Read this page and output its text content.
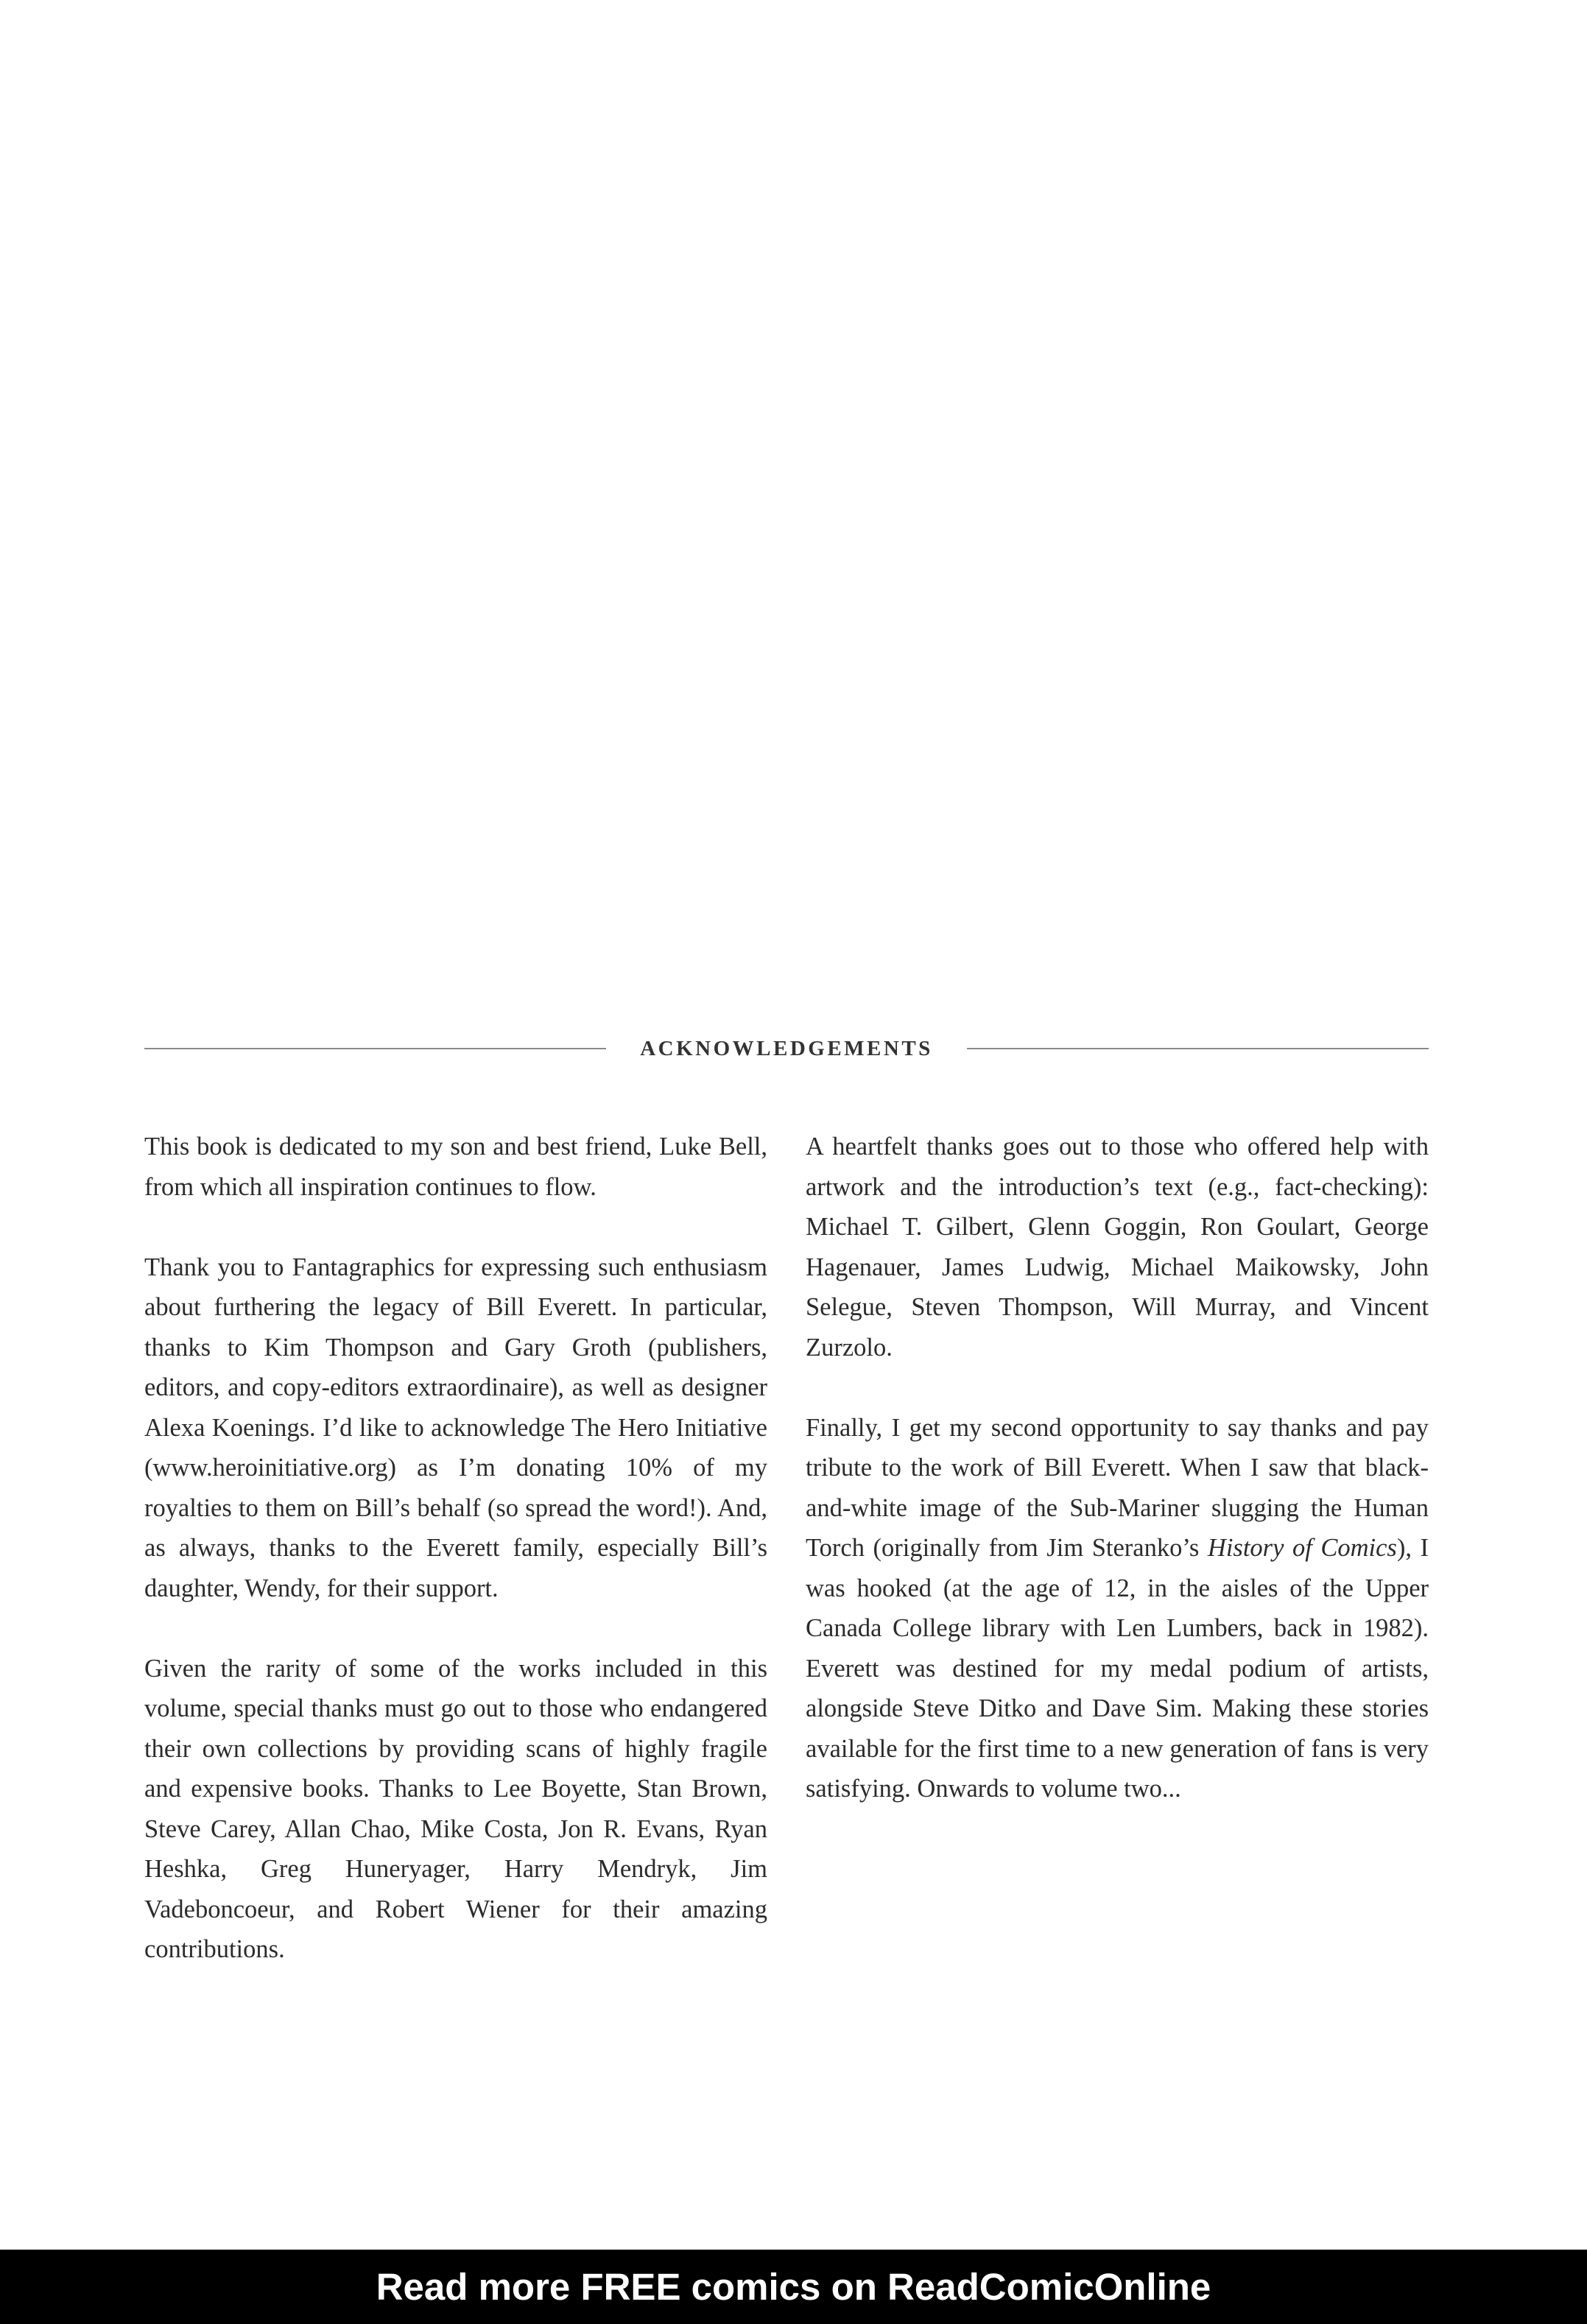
ACKNOWLEDGEMENTS

This book is dedicated to my son and best friend, Luke Bell, from which all inspiration continues to flow.

Thank you to Fantagraphics for expressing such enthusiasm about furthering the legacy of Bill Everett. In particular, thanks to Kim Thompson and Gary Groth (publishers, editors, and copy-editors extraordinaire), as well as designer Alexa Koenings. I’d like to acknowledge The Hero Initiative (www.heroinitiative.org) as I’m donating 10% of my royalties to them on Bill’s behalf (so spread the word!). And, as always, thanks to the Everett family, especially Bill’s daughter, Wendy, for their support.

Given the rarity of some of the works included in this volume, special thanks must go out to those who endangered their own collections by providing scans of highly fragile and expensive books. Thanks to Lee Boyette, Stan Brown, Steve Carey, Allan Chao, Mike Costa, Jon R. Evans, Ryan Heshka, Greg Huneryager, Harry Mendryk, Jim Vadeboncoeur, and Robert Wiener for their amazing contributions.

A heartfelt thanks goes out to those who offered help with artwork and the introduction’s text (e.g., fact-checking): Michael T. Gilbert, Glenn Goggin, Ron Goulart, George Hagenauer, James Ludwig, Michael Maikowsky, John Selegue, Steven Thompson, Will Murray, and Vincent Zurzolo.

Finally, I get my second opportunity to say thanks and pay tribute to the work of Bill Everett. When I saw that black-and-white image of the Sub-Mariner slugging the Human Torch (originally from Jim Steranko’s History of Comics), I was hooked (at the age of 12, in the aisles of the Upper Canada College library with Len Lumbers, back in 1982). Everett was destined for my medal podium of artists, alongside Steve Ditko and Dave Sim. Making these stories available for the first time to a new generation of fans is very satisfying. Onwards to volume two...

Read more FREE comics on ReadComicOnline
